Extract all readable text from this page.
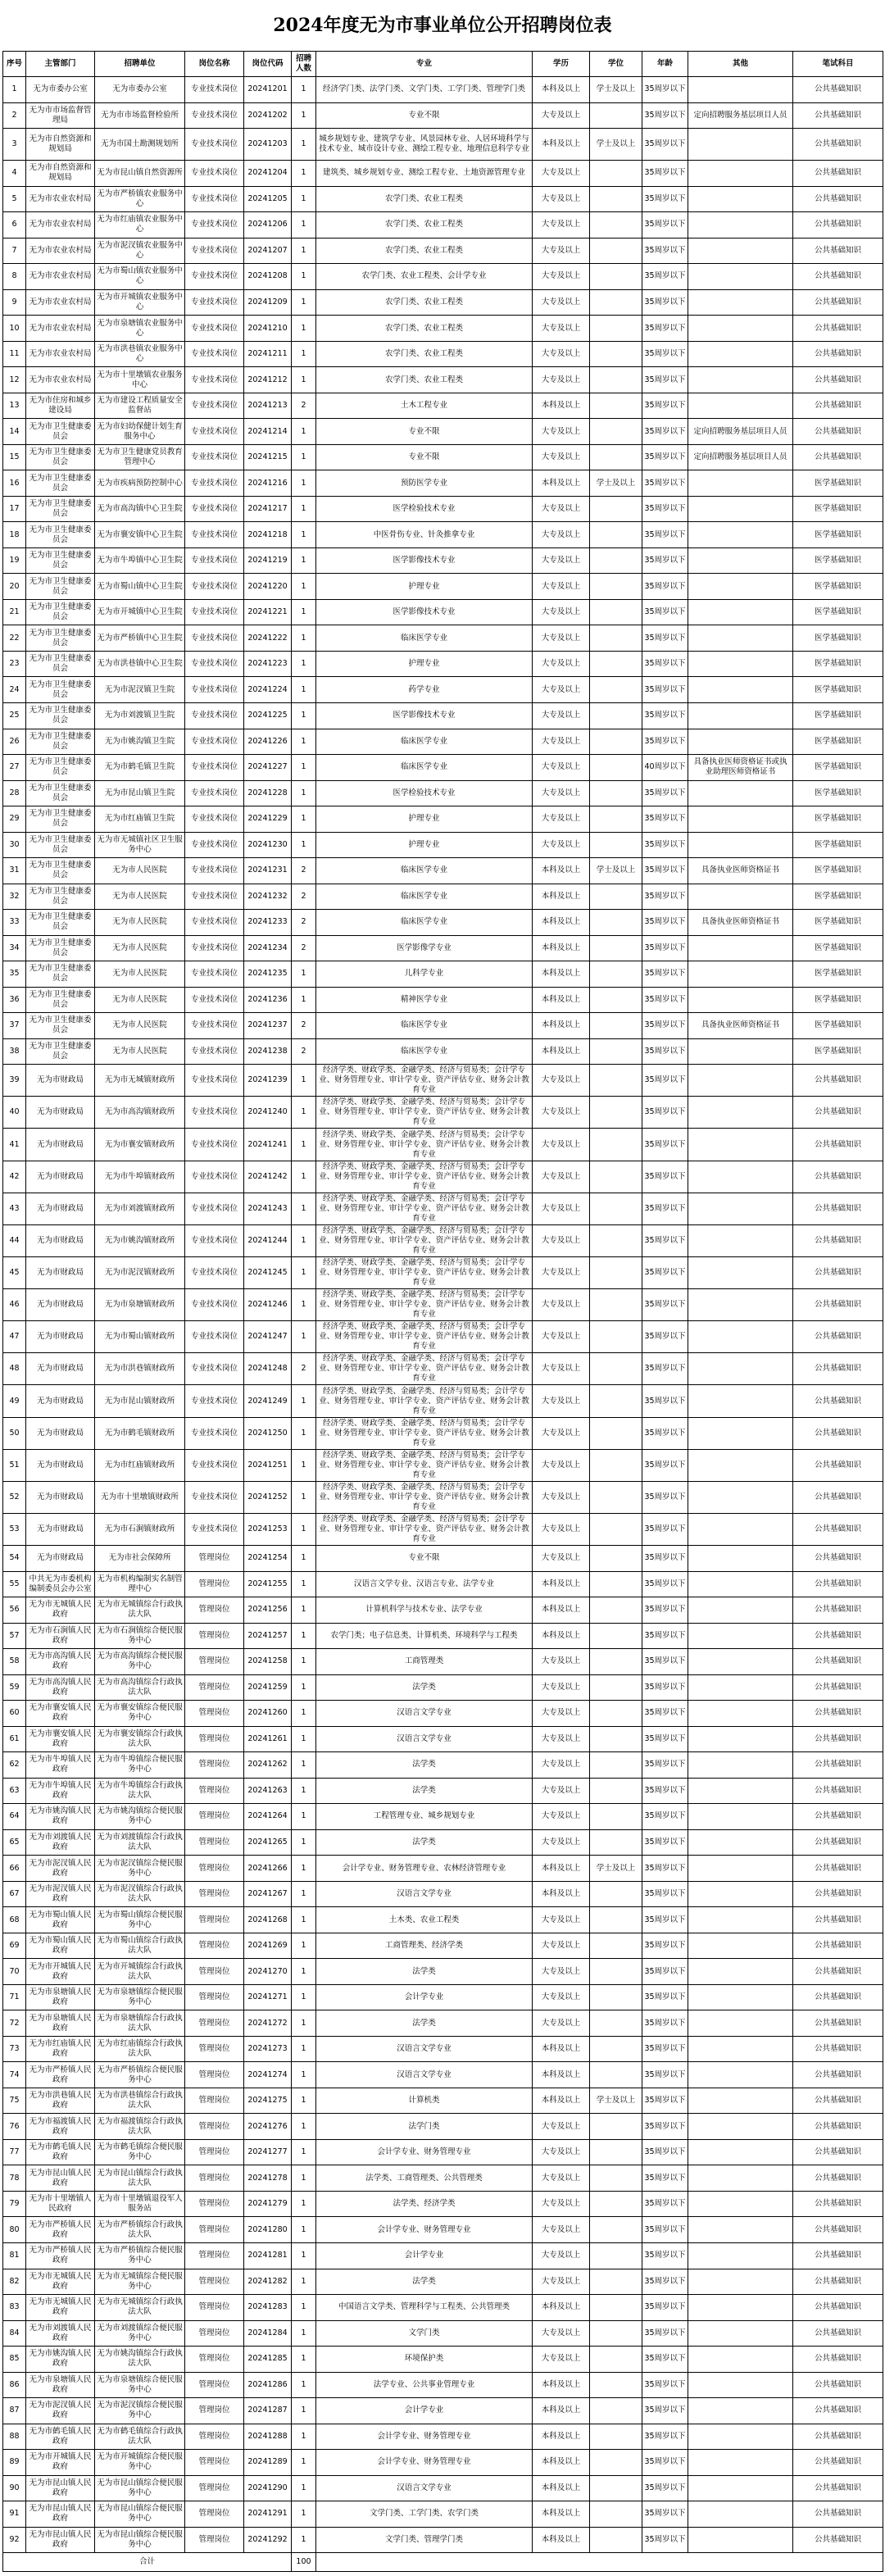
2024年度无为市事业单位公开招聘岗位表
序号	主管部门	招聘单位	岗位名称	岗位代码	招聘人数	专业	学历	学位	年龄	其他	笔试科目
1	无为市委办公室	无为市委办公室	专业技术岗位	20241201	1	经济学门类、法学门类、文学门类、工学门类、管理学门类	本科及以上	学士及以上	35周岁以下		公共基础知识
2	无为市市场监督管理局	无为市市场监督检验所	专业技术岗位	20241202	1	专业不限	大专及以上		35周岁以下	定向招聘服务基层项目人员	公共基础知识
3	无为市自然资源和规划局	无为市国土勘测规划所	专业技术岗位	20241203	1	城乡规划专业、建筑学专业、风景园林专业、人居环境科学与技术专业、城市设计专业、测绘工程专业、地理信息科学专业	本科及以上	学士及以上	35周岁以下		公共基础知识
4	无为市自然资源和规划局	无为市昆山镇自然资源所	专业技术岗位	20241204	1	建筑类、城乡规划专业、测绘工程专业、土地资源管理专业	大专及以上		35周岁以下		公共基础知识
5	无为市农业农村局	无为市严桥镇农业服务中心	专业技术岗位	20241205	1	农学门类、农业工程类	大专及以上		35周岁以下		公共基础知识
6	无为市农业农村局	无为市红庙镇农业服务中心	专业技术岗位	20241206	1	农学门类、农业工程类	大专及以上		35周岁以下		公共基础知识
7	无为市农业农村局	无为市泥汊镇农业服务中心	专业技术岗位	20241207	1	农学门类、农业工程类	大专及以上		35周岁以下		公共基础知识
8	无为市农业农村局	无为市蜀山镇农业服务中心	专业技术岗位	20241208	1	农学门类、农业工程类、会计学专业	大专及以上		35周岁以下		公共基础知识
9	无为市农业农村局	无为市开城镇农业服务中心	专业技术岗位	20241209	1	农学门类、农业工程类	大专及以上		35周岁以下		公共基础知识
10	无为市农业农村局	无为市泉塘镇农业服务中心	专业技术岗位	20241210	1	农学门类、农业工程类	大专及以上		35周岁以下		公共基础知识
11	无为市农业农村局	无为市洪巷镇农业服务中心	专业技术岗位	20241211	1	农学门类、农业工程类	大专及以上		35周岁以下		公共基础知识
12	无为市农业农村局	无为市十里墩镇农业服务中心	专业技术岗位	20241212	1	农学门类、农业工程类	大专及以上		35周岁以下		公共基础知识
13	无为市住房和城乡建设局	无为市建设工程质量安全监督站	专业技术岗位	20241213	2	土木工程专业	本科及以上		35周岁以下		公共基础知识
14	无为市卫生健康委员会	无为市妇幼保健计划生育服务中心	专业技术岗位	20241214	1	专业不限	大专及以上		35周岁以下	定向招聘服务基层项目人员	公共基础知识
15	无为市卫生健康委员会	无为市卫生健康党员教育管理中心	专业技术岗位	20241215	1	专业不限	大专及以上		35周岁以下	定向招聘服务基层项目人员	公共基础知识
16	无为市卫生健康委员会	无为市疾病预防控制中心	专业技术岗位	20241216	1	预防医学专业	本科及以上	学士及以上	35周岁以下		医学基础知识
17	无为市卫生健康委员会	无为市高沟镇中心卫生院	专业技术岗位	20241217	1	医学检验技术专业	大专及以上		35周岁以下		医学基础知识
18	无为市卫生健康委员会	无为市襄安镇中心卫生院	专业技术岗位	20241218	1	中医骨伤专业、针灸推拿专业	大专及以上		35周岁以下		医学基础知识
19	无为市卫生健康委员会	无为市牛埠镇中心卫生院	专业技术岗位	20241219	1	医学影像技术专业	大专及以上		35周岁以下		医学基础知识
20	无为市卫生健康委员会	无为市蜀山镇中心卫生院	专业技术岗位	20241220	1	护理专业	大专及以上		35周岁以下		医学基础知识
21	无为市卫生健康委员会	无为市开城镇中心卫生院	专业技术岗位	20241221	1	医学影像技术专业	大专及以上		35周岁以下		医学基础知识
22	无为市卫生健康委员会	无为市严桥镇中心卫生院	专业技术岗位	20241222	1	临床医学专业	大专及以上		35周岁以下		医学基础知识
23	无为市卫生健康委员会	无为市洪巷镇中心卫生院	专业技术岗位	20241223	1	护理专业	大专及以上		35周岁以下		医学基础知识
24	无为市卫生健康委员会	无为市泥汊镇卫生院	专业技术岗位	20241224	1	药学专业	大专及以上		35周岁以下		医学基础知识
25	无为市卫生健康委员会	无为市刘渡镇卫生院	专业技术岗位	20241225	1	医学影像技术专业	大专及以上		35周岁以下		医学基础知识
26	无为市卫生健康委员会	无为市姚沟镇卫生院	专业技术岗位	20241226	1	临床医学专业	大专及以上		35周岁以下		医学基础知识
27	无为市卫生健康委员会	无为市鹤毛镇卫生院	专业技术岗位	20241227	1	临床医学专业	大专及以上		40周岁以下	具备执业医师资格证书或执业助理医师资格证书	医学基础知识
28	无为市卫生健康委员会	无为市昆山镇卫生院	专业技术岗位	20241228	1	医学检验技术专业	大专及以上		35周岁以下		医学基础知识
29	无为市卫生健康委员会	无为市红庙镇卫生院	专业技术岗位	20241229	1	护理专业	大专及以上		35周岁以下		医学基础知识
30	无为市卫生健康委员会	无为市无城镇社区卫生服务中心	专业技术岗位	20241230	1	护理专业	大专及以上		35周岁以下		医学基础知识
31	无为市卫生健康委员会	无为市人民医院	专业技术岗位	20241231	2	临床医学专业	本科及以上	学士及以上	35周岁以下	具备执业医师资格证书	医学基础知识
32	无为市卫生健康委员会	无为市人民医院	专业技术岗位	20241232	2	临床医学专业	本科及以上		35周岁以下		医学基础知识
33	无为市卫生健康委员会	无为市人民医院	专业技术岗位	20241233	2	临床医学专业	本科及以上		35周岁以下	具备执业医师资格证书	医学基础知识
34	无为市卫生健康委员会	无为市人民医院	专业技术岗位	20241234	2	医学影像学专业	本科及以上		35周岁以下		医学基础知识
35	无为市卫生健康委员会	无为市人民医院	专业技术岗位	20241235	1	儿科学专业	本科及以上		35周岁以下		医学基础知识
36	无为市卫生健康委员会	无为市人民医院	专业技术岗位	20241236	1	精神医学专业	本科及以上		35周岁以下		医学基础知识
37	无为市卫生健康委员会	无为市人民医院	专业技术岗位	20241237	2	临床医学专业	本科及以上		35周岁以下	具备执业医师资格证书	医学基础知识
38	无为市卫生健康委员会	无为市人民医院	专业技术岗位	20241238	2	临床医学专业	本科及以上		35周岁以下		医学基础知识
39	无为市财政局	无为市无城镇财政所	专业技术岗位	20241239	1	经济学类、财政学类、金融学类、经济与贸易类；会计学专业、财务管理专业、审计学专业、资产评估专业、财务会计教育专业	大专及以上		35周岁以下		公共基础知识
40	无为市财政局	无为市高沟镇财政所	专业技术岗位	20241240	1	经济学类、财政学类、金融学类、经济与贸易类；会计学专业、财务管理专业、审计学专业、资产评估专业、财务会计教育专业	大专及以上		35周岁以下		公共基础知识
41	无为市财政局	无为市襄安镇财政所	专业技术岗位	20241241	1	经济学类、财政学类、金融学类、经济与贸易类；会计学专业、财务管理专业、审计学专业、资产评估专业、财务会计教育专业	大专及以上		35周岁以下		公共基础知识
42	无为市财政局	无为市牛埠镇财政所	专业技术岗位	20241242	1	经济学类、财政学类、金融学类、经济与贸易类；会计学专业、财务管理专业、审计学专业、资产评估专业、财务会计教育专业	大专及以上		35周岁以下		公共基础知识
43	无为市财政局	无为市刘渡镇财政所	专业技术岗位	20241243	1	经济学类、财政学类、金融学类、经济与贸易类；会计学专业、财务管理专业、审计学专业、资产评估专业、财务会计教育专业	大专及以上		35周岁以下		公共基础知识
44	无为市财政局	无为市姚沟镇财政所	专业技术岗位	20241244	1	经济学类、财政学类、金融学类、经济与贸易类；会计学专业、财务管理专业、审计学专业、资产评估专业、财务会计教育专业	大专及以上		35周岁以下		公共基础知识
45	无为市财政局	无为市泥汊镇财政所	专业技术岗位	20241245	1	经济学类、财政学类、金融学类、经济与贸易类；会计学专业、财务管理专业、审计学专业、资产评估专业、财务会计教育专业	大专及以上		35周岁以下		公共基础知识
46	无为市财政局	无为市泉塘镇财政所	专业技术岗位	20241246	1	经济学类、财政学类、金融学类、经济与贸易类；会计学专业、财务管理专业、审计学专业、资产评估专业、财务会计教育专业	大专及以上		35周岁以下		公共基础知识
47	无为市财政局	无为市蜀山镇财政所	专业技术岗位	20241247	1	经济学类、财政学类、金融学类、经济与贸易类；会计学专业、财务管理专业、审计学专业、资产评估专业、财务会计教育专业	大专及以上		35周岁以下		公共基础知识
48	无为市财政局	无为市洪巷镇财政所	专业技术岗位	20241248	2	经济学类、财政学类、金融学类、经济与贸易类；会计学专业、财务管理专业、审计学专业、资产评估专业、财务会计教育专业	大专及以上		35周岁以下		公共基础知识
49	无为市财政局	无为市昆山镇财政所	专业技术岗位	20241249	1	经济学类、财政学类、金融学类、经济与贸易类；会计学专业、财务管理专业、审计学专业、资产评估专业、财务会计教育专业	大专及以上		35周岁以下		公共基础知识
50	无为市财政局	无为市鹤毛镇财政所	专业技术岗位	20241250	1	经济学类、财政学类、金融学类、经济与贸易类；会计学专业、财务管理专业、审计学专业、资产评估专业、财务会计教育专业	大专及以上		35周岁以下		公共基础知识
51	无为市财政局	无为市红庙镇财政所	专业技术岗位	20241251	1	经济学类、财政学类、金融学类、经济与贸易类；会计学专业、财务管理专业、审计学专业、资产评估专业、财务会计教育专业	大专及以上		35周岁以下		公共基础知识
52	无为市财政局	无为市十里墩镇财政所	专业技术岗位	20241252	1	经济学类、财政学类、金融学类、经济与贸易类；会计学专业、财务管理专业、审计学专业、资产评估专业、财务会计教育专业	大专及以上		35周岁以下		公共基础知识
53	无为市财政局	无为市石涧镇财政所	专业技术岗位	20241253	1	经济学类、财政学类、金融学类、经济与贸易类；会计学专业、财务管理专业、审计学专业、资产评估专业、财务会计教育专业	大专及以上		35周岁以下		公共基础知识
54	无为市财政局	无为市社会保障所	管理岗位	20241254	1	专业不限	大专及以上		35周岁以下		公共基础知识
55	中共无为市委机构编制委员会办公室	无为市机构编制实名制管理中心	管理岗位	20241255	1	汉语言文学专业、汉语言专业、法学专业	本科及以上		35周岁以下		公共基础知识
56	无为市无城镇人民政府	无为市无城镇综合行政执法大队	管理岗位	20241256	1	计算机科学与技术专业、法学专业	本科及以上		35周岁以下		公共基础知识
57	无为市石涧镇人民政府	无为市石涧镇综合便民服务中心	管理岗位	20241257	1	农学门类；电子信息类、计算机类、环境科学与工程类	本科及以上		35周岁以下		公共基础知识
58	无为市高沟镇人民政府	无为市高沟镇综合便民服务中心	管理岗位	20241258	1	工商管理类	大专及以上		35周岁以下		公共基础知识
59	无为市高沟镇人民政府	无为市高沟镇综合行政执法大队	管理岗位	20241259	1	法学类	大专及以上		35周岁以下		公共基础知识
60	无为市襄安镇人民政府	无为市襄安镇综合便民服务中心	管理岗位	20241260	1	汉语言文学专业	大专及以上		35周岁以下		公共基础知识
61	无为市襄安镇人民政府	无为市襄安镇综合行政执法大队	管理岗位	20241261	1	汉语言文学专业	大专及以上		35周岁以下		公共基础知识
62	无为市牛埠镇人民政府	无为市牛埠镇综合便民服务中心	管理岗位	20241262	1	法学类	大专及以上		35周岁以下		公共基础知识
63	无为市牛埠镇人民政府	无为市牛埠镇综合行政执法大队	管理岗位	20241263	1	法学类	大专及以上		35周岁以下		公共基础知识
64	无为市姚沟镇人民政府	无为市姚沟镇综合便民服务中心	管理岗位	20241264	1	工程管理专业、城乡规划专业	大专及以上		35周岁以下		公共基础知识
65	无为市刘渡镇人民政府	无为市刘渡镇综合行政执法大队	管理岗位	20241265	1	法学类	大专及以上		35周岁以下		公共基础知识
66	无为市泥汊镇人民政府	无为市泥汊镇综合便民服务中心	管理岗位	20241266	1	会计学专业、财务管理专业、农林经济管理专业	本科及以上	学士及以上	35周岁以下		公共基础知识
67	无为市泥汊镇人民政府	无为市泥汊镇综合行政执法大队	管理岗位	20241267	1	汉语言文学专业	本科及以上		35周岁以下		公共基础知识
68	无为市蜀山镇人民政府	无为市蜀山镇综合便民服务中心	管理岗位	20241268	1	土木类、农业工程类	大专及以上		35周岁以下		公共基础知识
69	无为市蜀山镇人民政府	无为市蜀山镇综合行政执法大队	管理岗位	20241269	1	工商管理类、经济学类	大专及以上		35周岁以下		公共基础知识
70	无为市开城镇人民政府	无为市开城镇综合行政执法大队	管理岗位	20241270	1	法学类	大专及以上		35周岁以下		公共基础知识
71	无为市泉塘镇人民政府	无为市泉塘镇综合便民服务中心	管理岗位	20241271	1	会计学专业	大专及以上		35周岁以下		公共基础知识
72	无为市泉塘镇人民政府	无为市泉塘镇综合行政执法大队	管理岗位	20241272	1	法学类	大专及以上		35周岁以下		公共基础知识
73	无为市红庙镇人民政府	无为市红庙镇综合行政执法大队	管理岗位	20241273	1	汉语言文学专业	本科及以上		35周岁以下		公共基础知识
74	无为市严桥镇人民政府	无为市严桥镇综合便民服务中心	管理岗位	20241274	1	汉语言文学专业	本科及以上		35周岁以下		公共基础知识
75	无为市洪巷镇人民政府	无为市洪巷镇综合行政执法大队	管理岗位	20241275	1	计算机类	本科及以上	学士及以上	35周岁以下		公共基础知识
76	无为市福渡镇人民政府	无为市福渡镇综合行政执法大队	管理岗位	20241276	1	法学门类	大专及以上		35周岁以下		公共基础知识
77	无为市鹤毛镇人民政府	无为市鹤毛镇综合便民服务中心	管理岗位	20241277	1	会计学专业、财务管理专业	大专及以上		35周岁以下		公共基础知识
78	无为市昆山镇人民政府	无为市昆山镇综合行政执法大队	管理岗位	20241278	1	法学类、工商管理类、公共管理类	大专及以上		35周岁以下		公共基础知识
79	无为市十里墩镇人民政府	无为市十里墩镇退役军人服务站	管理岗位	20241279	1	法学类、经济学类	大专及以上		35周岁以下		公共基础知识
80	无为市严桥镇人民政府	无为市严桥镇综合行政执法大队	管理岗位	20241280	1	会计学专业、财务管理专业	大专及以上		35周岁以下		公共基础知识
81	无为市严桥镇人民政府	无为市严桥镇综合便民服务中心	管理岗位	20241281	1	会计学专业	大专及以上		35周岁以下		公共基础知识
82	无为市无城镇人民政府	无为市无城镇综合便民服务中心	管理岗位	20241282	1	法学类	大专及以上		35周岁以下		公共基础知识
83	无为市无城镇人民政府	无为市无城镇综合行政执法大队	管理岗位	20241283	1	中国语言文学类、管理科学与工程类、公共管理类	本科及以上		35周岁以下		公共基础知识
84	无为市刘渡镇人民政府	无为市刘渡镇综合便民服务中心	管理岗位	20241284	1	文学门类	大专及以上		35周岁以下		公共基础知识
85	无为市姚沟镇人民政府	无为市姚沟镇综合行政执法大队	管理岗位	20241285	1	环境保护类	大专及以上		35周岁以下		公共基础知识
86	无为市泉塘镇人民政府	无为市泉塘镇综合便民服务中心	管理岗位	20241286	1	法学专业、公共事业管理专业	本科及以上		35周岁以下		公共基础知识
87	无为市泥汊镇人民政府	无为市泥汊镇综合便民服务中心	管理岗位	20241287	1	会计学专业	本科及以上		35周岁以下		公共基础知识
88	无为市鹤毛镇人民政府	无为市鹤毛镇综合行政执法大队	管理岗位	20241288	1	会计学专业、财务管理专业	本科及以上		35周岁以下		公共基础知识
89	无为市开城镇人民政府	无为市开城镇综合便民服务中心	管理岗位	20241289	1	会计学专业、财务管理专业	本科及以上		35周岁以下		公共基础知识
90	无为市昆山镇人民政府	无为市昆山镇综合便民服务中心	管理岗位	20241290	1	汉语言文学专业	本科及以上		35周岁以下		公共基础知识
91	无为市昆山镇人民政府	无为市昆山镇综合便民服务中心	管理岗位	20241291	1	文学门类、工学门类、农学门类	本科及以上		35周岁以下		公共基础知识
92	无为市昆山镇人民政府	无为市昆山镇综合便民服务中心	管理岗位	20241292	1	文学门类、管理学门类	本科及以上		35周岁以下		公共基础知识
合计					100						
